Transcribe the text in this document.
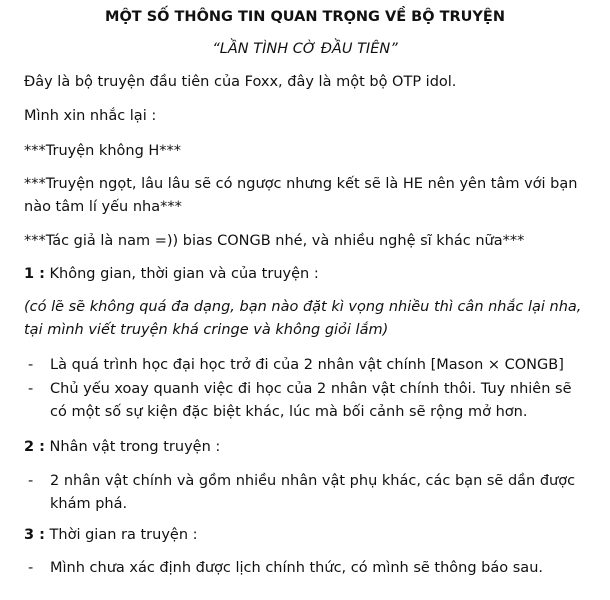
MỘT SỐ THÔNG TIN QUAN TRỌNG VỀ BỘ TRUYỆN
“LẦN TÌNH CỜ ĐẦU TIÊN”
Đây là bộ truyện đầu tiên của Foxx, đây là một bộ OTP idol.
Mình xin nhắc lại :
***Truyện không H***
***Truyện ngọt, lâu lâu sẽ có ngược nhưng kết sẽ là HE nên yên tâm với bạn nào tâm lí yếu nha***
***Tác giả là nam =)) bias CONGB nhé, và nhiều nghệ sĩ khác nữa***
1 : Không gian, thời gian và của truyện :
(có lẽ sẽ không quá đa dạng, bạn nào đặt kì vọng nhiều thì cân nhắc lại nha, tại mình viết truyện khá cringe và không giỏi lắm)
- Là quá trình học đại học trở đi của 2 nhân vật chính [Mason × CONGB]
- Chủ yếu xoay quanh việc đi học của 2 nhân vật chính thôi. Tuy nhiên sẽ có một số sự kiện đặc biệt khác, lúc mà bối cảnh sẽ rộng mở hơn.
2 : Nhân vật trong truyện :
- 2 nhân vật chính và gồm nhiều nhân vật phụ khác, các bạn sẽ dần được khám phá.
3 : Thời gian ra truyện :
- Mình chưa xác định được lịch chính thức, có mình sẽ thông báo sau.
